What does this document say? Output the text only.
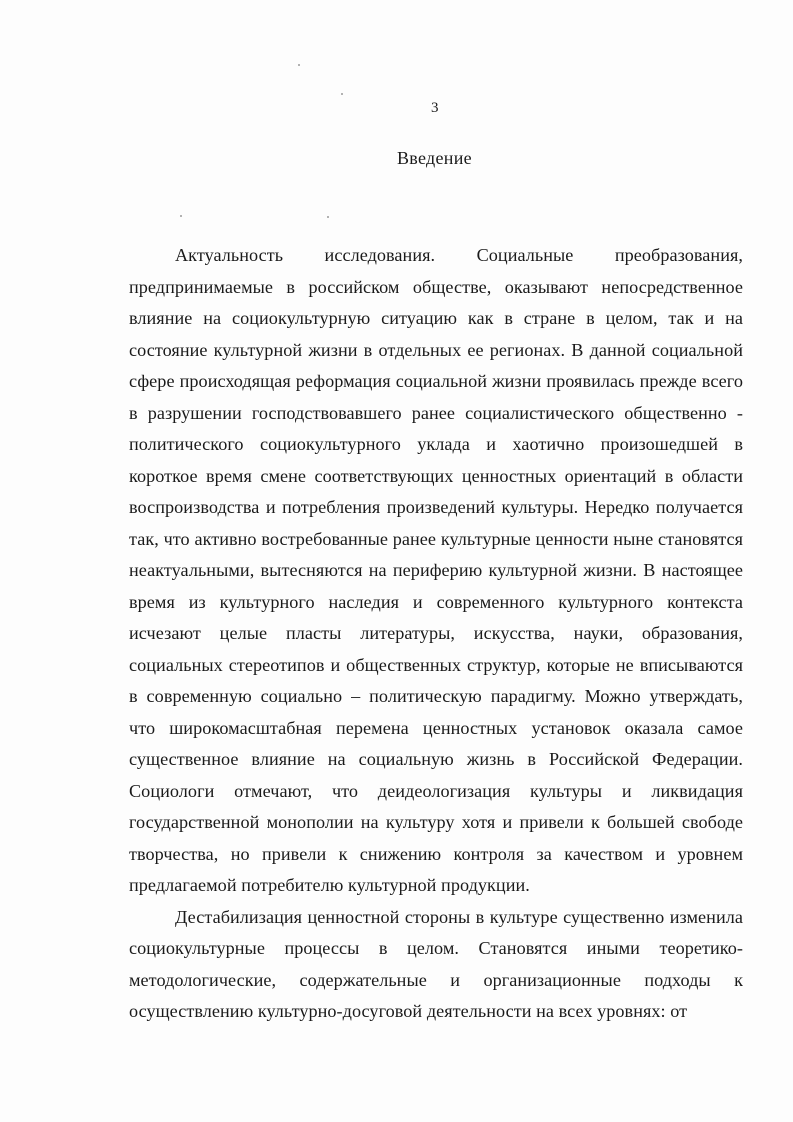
3
Введение

Актуальность исследования. Социальные преобразования, предпринимаемые в российском обществе, оказывают непосредственное влияние на социокультурную ситуацию как в стране в целом, так и на состояние культурной жизни в отдельных ее регионах. В данной социальной сфере происходящая реформация социальной жизни проявилась прежде всего в разрушении господствовавшего ранее социалистического общественно - политического социокультурного уклада и хаотично произошедшей в короткое время смене соответствующих ценностных ориентаций в области воспроизводства и потребления произведений культуры. Нередко получается так, что активно востребованные ранее культурные ценности ныне становятся неактуальными, вытесняются на периферию культурной жизни. В настоящее время из культурного наследия и современного культурного контекста исчезают целые пласты литературы, искусства, науки, образования, социальных стереотипов и общественных структур, которые не вписываются в современную социально – политическую парадигму. Можно утверждать, что широкомасштабная перемена ценностных установок оказала самое существенное влияние на социальную жизнь в Российской Федерации. Социологи отмечают, что деидеологизация культуры и ликвидация государственной монополии на культуру хотя и привели к большей свободе творчества, но привели к снижению контроля за качеством и уровнем предлагаемой потребителю культурной продукции.

Дестабилизация ценностной стороны в культуре существенно изменила социокультурные процессы в целом. Становятся иными теоретико-методологические, содержательные и организационные подходы к осуществлению культурно-досуговой деятельности на всех уровнях: от
